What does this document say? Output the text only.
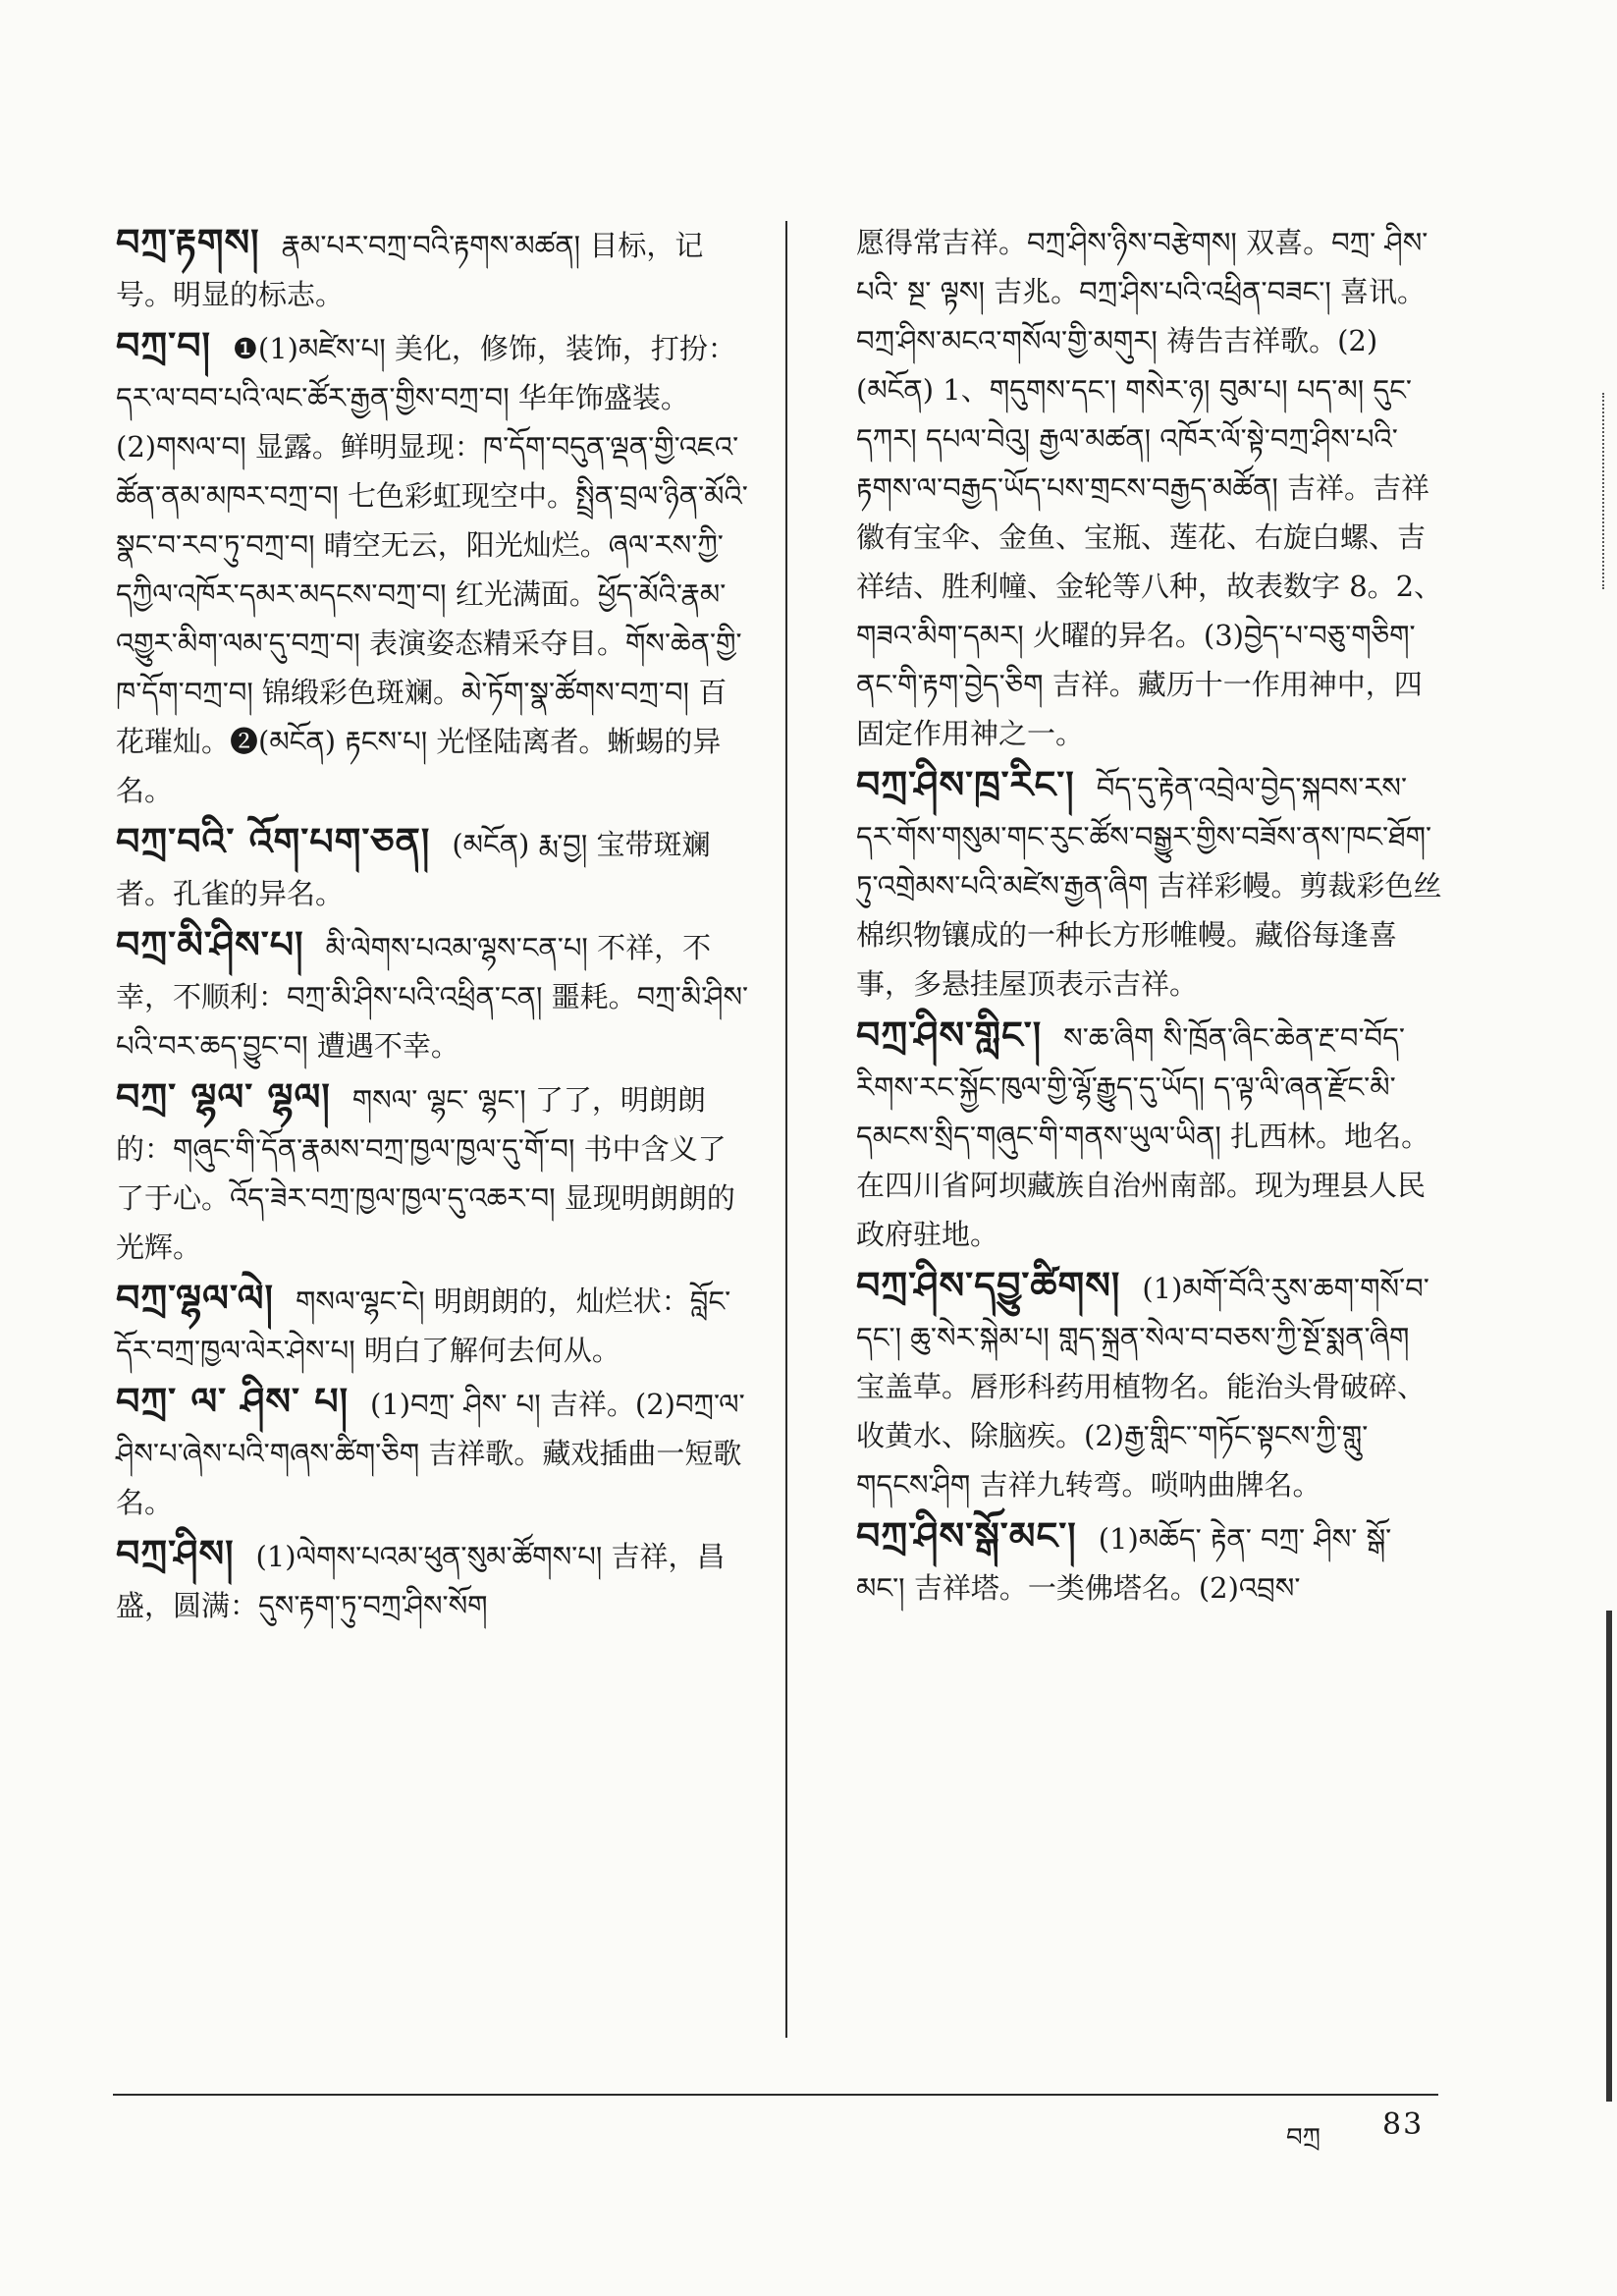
བཀྲ་རྟགས། རྣམ་པར་བཀྲ་བའི་རྟགས་མཚན། 目标，记号。明显的标志。
བཀྲ་བ། ❶(1)མཛེས་པ། 美化，修饰，装饰，打扮：དར་ལ་བབ་པའི་ལང་ཚོར་རྒྱན་གྱིས་བཀྲ་བ། 华年饰盛装。(2)གསལ་བ། 显露。鲜明显现：ཁ་དོག་བདུན་ལྡན་གྱི་འཇའ་ཚོན་ནམ་མཁར་བཀྲ་བ། 七色彩虹现空中。སྤྲིན་བྲལ་ཉིན་མོའི་སྣང་བ་རབ་ཏུ་བཀྲ་བ། 晴空无云，阳光灿烂。ཞལ་རས་ཀྱི་དཀྱིལ་འཁོར་དམར་མདངས་བཀྲ་བ། 红光满面。ཕྱོད་མོའི་རྣམ་འགྱུར་མིག་ལམ་དུ་བཀྲ་བ། 表演姿态精采夺目。གོས་ཆེན་གྱི་ཁ་དོག་བཀྲ་བ། 锦缎彩色斑斓。མེ་ཏོག་སྣ་ཚོགས་བཀྲ་བ། 百花璀灿。❷(མངོན) རྟངས་པ། 光怪陆离者。蜥蜴的异名。
བཀྲ་བའི་ འོག་པག་ཅན། (མངོན) རྨ་བྱ། 宝带斑斓者。孔雀的异名。
བཀྲ་མི་ཤིས་པ། མི་ལེགས་པའམ་ལྷས་ངན་པ། 不祥，不幸，不顺利：བཀྲ་མི་ཤིས་པའི་འཕྲིན་ངན། 噩耗。བཀྲ་མི་ཤིས་པའི་བར་ཆད་བྱུང་བ། 遭遇不幸。
བཀྲ་ ལྷལ་ ལྷལ། གསལ་ ལྷང་ ལྷང་། 了了，明朗朗的：གཞུང་གི་དོན་རྣམས་བཀྲ་ཁྱལ་ཁྱལ་དུ་གོ་བ། 书中含义了了于心。འོད་ཟེར་བཀྲ་ཁྱལ་ཁྱལ་དུ་འཆར་བ། 显现明朗朗的光辉。
བཀྲ་ལྷལ་ལེ། གསལ་ལྷང་ངེ། 明朗朗的，灿烂状：བློང་དོར་བཀྲ་ཁྱལ་ལེར་ཤེས་པ། 明白了解何去何从。
བཀྲ་ ལ་ ཤིས་ པ། (1)བཀྲ་ ཤིས་ པ། 吉祥。(2)བཀྲ་ལ་ཤིས་པ་ཞེས་པའི་གཞས་ཚིག་ཅིག 吉祥歌。藏戏插曲一短歌名。
བཀྲ་ཤིས། (1)ལེགས་པའམ་ཕུན་སུམ་ཚོགས་པ། 吉祥，昌盛，圆满：དུས་རྟག་ཏུ་བཀྲ་ཤིས་སོག
愿得常吉祥。བཀྲ་ཤིས་ཉིས་བརྩེགས། 双喜。བཀྲ་ ཤིས་ པའི་ སྔ་ ལྟས། 吉兆。བཀྲ་ཤིས་པའི་འཕྲིན་བཟང་། 喜讯。བཀྲ་ཤིས་མངའ་གསོལ་གྱི་མགུར། 祷告吉祥歌。(2)(མངོན) 1、གདུགས་དང་། གསེར་ཉ། བུམ་པ། པད་མ། དུང་དཀར། དཔལ་བེའུ། རྒྱལ་མཚན། འཁོར་ལོ་སྟེ་བཀྲ་ཤིས་པའི་རྟགས་ལ་བརྒྱད་ཡོད་པས་གྲངས་བརྒྱད་མཚོན། 吉祥。吉祥徽有宝伞、金鱼、宝瓶、莲花、右旋白螺、吉祥结、胜利幢、金轮等八种，故表数字 8。2、གཟའ་མིག་དམར། 火曜的异名。(3)བྱེད་པ་བཅུ་གཅིག་ནང་གི་རྟག་བྱེད་ཅིག 吉祥。藏历十一作用神中，四固定作用神之一。
བཀྲ་ཤིས་ཁྲ་རིང་། བོད་དུ་རྟེན་འབྲེལ་བྱེད་སྐབས་རས་དར་གོས་གསུམ་གང་རུང་ཚོས་བསྒྱུར་གྱིས་བཟོས་ནས་ཁང་ཐོག་ཏུ་འགྲེམས་པའི་མཛེས་རྒྱན་ཞིག 吉祥彩幔。剪裁彩色丝棉织物镶成的一种长方形帷幔。藏俗每逢喜事，多悬挂屋顶表示吉祥。
བཀྲ་ཤིས་གླིང་། ས་ཆ་ཞིག སི་ཁྲོན་ཞིང་ཆེན་རྔ་བ་བོད་རིགས་རང་སྐྱོང་ཁུལ་གྱི་ལྷོ་རྒྱུད་དུ་ཡོད། ད་ལྟ་ལི་ཞན་རྫོང་མི་དམངས་སྲིད་གཞུང་གི་གནས་ཡུལ་ཡིན། 扎西林。地名。在四川省阿坝藏族自治州南部。现为理县人民政府驻地。
བཀྲ་ཤིས་དབྱུ་ཚིགས། (1)མགོ་བོའི་རུས་ཆག་གསོ་བ་དང་། ཆུ་སེར་སྐེམ་པ། གླད་སྐྲན་སེལ་བ་བཅས་ཀྱི་སྔོ་སྨན་ཞིག 宝盖草。唇形科药用植物名。能治头骨破碎、收黄水、除脑疾。(2)རྒྱ་གླིང་་གཏོང་སྟངས་ཀྱི་གླུ་གདངས་ཤིག 吉祥九转弯。唢呐曲牌名。
བཀྲ་ཤིས་སྒོ་མང་། (1)མཆོད་ རྟེན་ བཀྲ་ ཤིས་ སྒོ་ མང་། 吉祥塔。一类佛塔名。(2)འབྲས་
བཀྲ 83
